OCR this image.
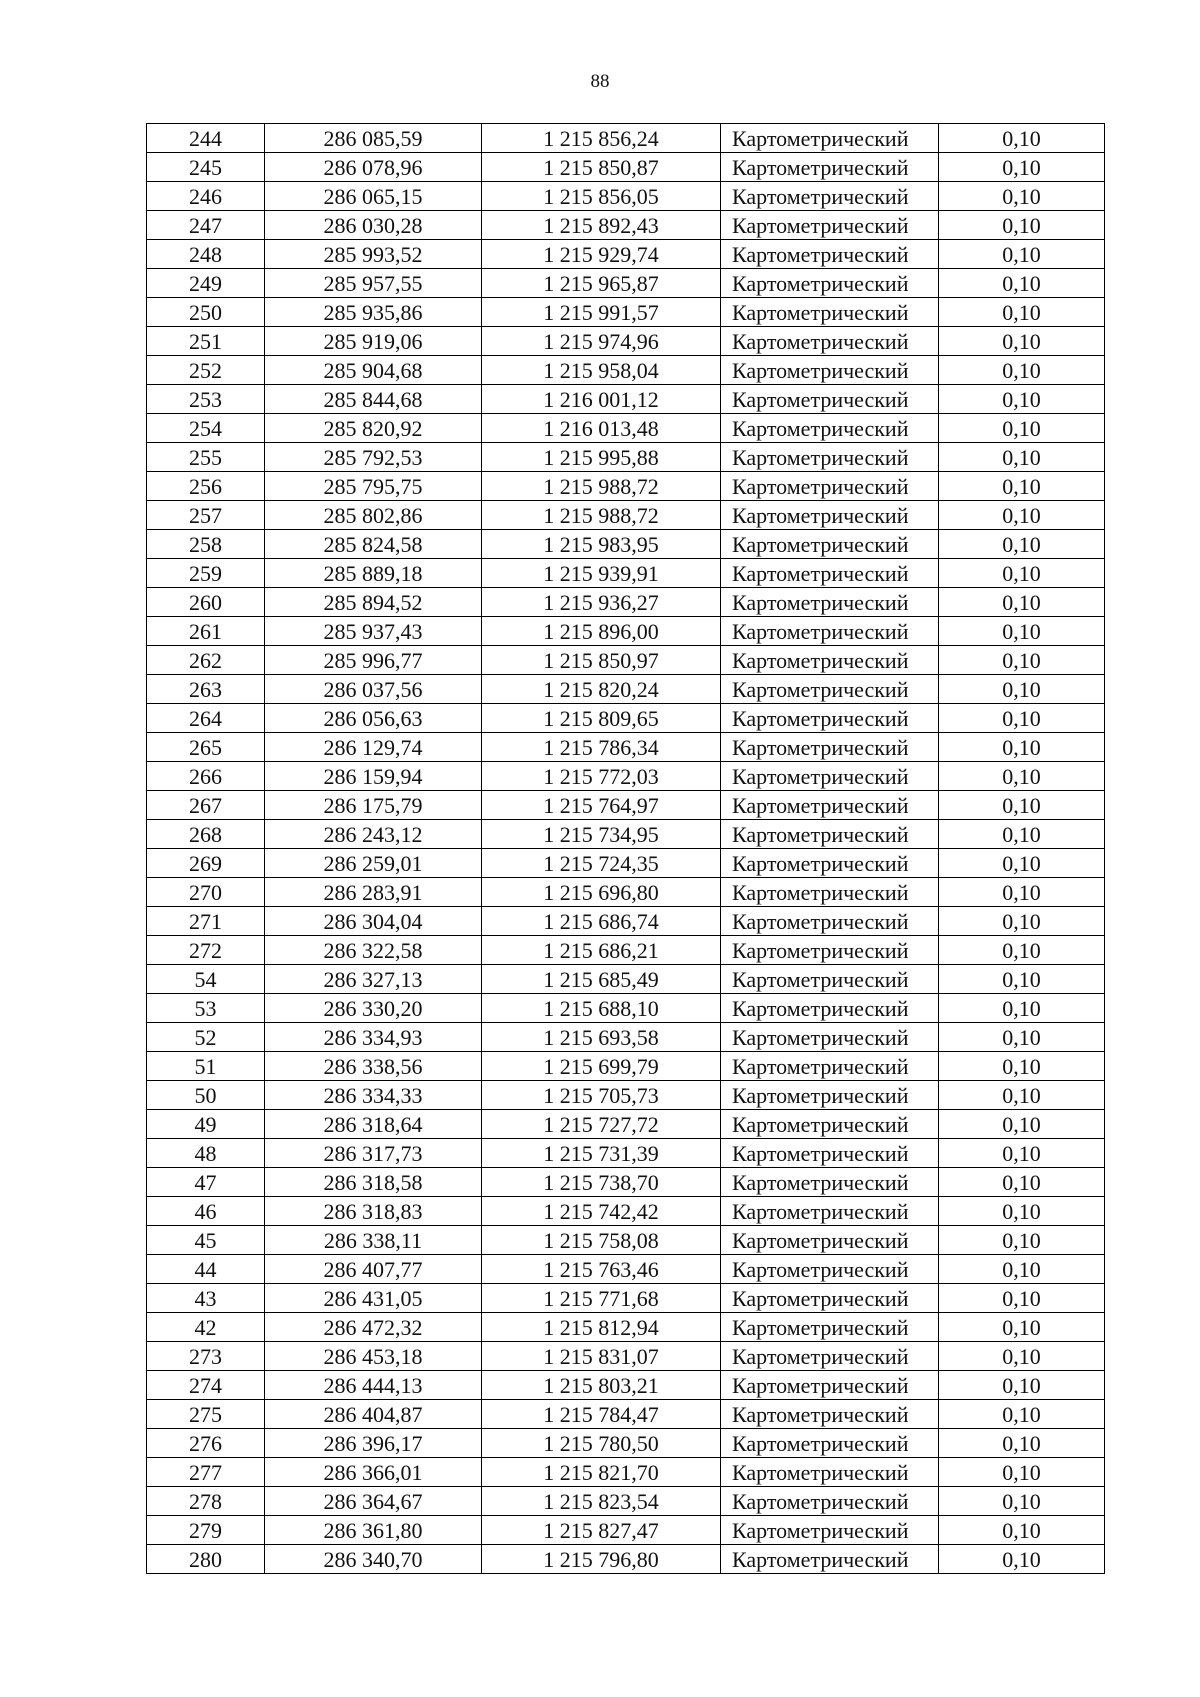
88
244	286 085,59	1 215 856,24	Картометрический	0,10
245	286 078,96	1 215 850,87	Картометрический	0,10
246	286 065,15	1 215 856,05	Картометрический	0,10
247	286 030,28	1 215 892,43	Картометрический	0,10
248	285 993,52	1 215 929,74	Картометрический	0,10
249	285 957,55	1 215 965,87	Картометрический	0,10
250	285 935,86	1 215 991,57	Картометрический	0,10
251	285 919,06	1 215 974,96	Картометрический	0,10
252	285 904,68	1 215 958,04	Картометрический	0,10
253	285 844,68	1 216 001,12	Картометрический	0,10
254	285 820,92	1 216 013,48	Картометрический	0,10
255	285 792,53	1 215 995,88	Картометрический	0,10
256	285 795,75	1 215 988,72	Картометрический	0,10
257	285 802,86	1 215 988,72	Картометрический	0,10
258	285 824,58	1 215 983,95	Картометрический	0,10
259	285 889,18	1 215 939,91	Картометрический	0,10
260	285 894,52	1 215 936,27	Картометрический	0,10
261	285 937,43	1 215 896,00	Картометрический	0,10
262	285 996,77	1 215 850,97	Картометрический	0,10
263	286 037,56	1 215 820,24	Картометрический	0,10
264	286 056,63	1 215 809,65	Картометрический	0,10
265	286 129,74	1 215 786,34	Картометрический	0,10
266	286 159,94	1 215 772,03	Картометрический	0,10
267	286 175,79	1 215 764,97	Картометрический	0,10
268	286 243,12	1 215 734,95	Картометрический	0,10
269	286 259,01	1 215 724,35	Картометрический	0,10
270	286 283,91	1 215 696,80	Картометрический	0,10
271	286 304,04	1 215 686,74	Картометрический	0,10
272	286 322,58	1 215 686,21	Картометрический	0,10
54	286 327,13	1 215 685,49	Картометрический	0,10
53	286 330,20	1 215 688,10	Картометрический	0,10
52	286 334,93	1 215 693,58	Картометрический	0,10
51	286 338,56	1 215 699,79	Картометрический	0,10
50	286 334,33	1 215 705,73	Картометрический	0,10
49	286 318,64	1 215 727,72	Картометрический	0,10
48	286 317,73	1 215 731,39	Картометрический	0,10
47	286 318,58	1 215 738,70	Картометрический	0,10
46	286 318,83	1 215 742,42	Картометрический	0,10
45	286 338,11	1 215 758,08	Картометрический	0,10
44	286 407,77	1 215 763,46	Картометрический	0,10
43	286 431,05	1 215 771,68	Картометрический	0,10
42	286 472,32	1 215 812,94	Картометрический	0,10
273	286 453,18	1 215 831,07	Картометрический	0,10
274	286 444,13	1 215 803,21	Картометрический	0,10
275	286 404,87	1 215 784,47	Картометрический	0,10
276	286 396,17	1 215 780,50	Картометрический	0,10
277	286 366,01	1 215 821,70	Картометрический	0,10
278	286 364,67	1 215 823,54	Картометрический	0,10
279	286 361,80	1 215 827,47	Картометрический	0,10
280	286 340,70	1 215 796,80	Картометрический	0,10
